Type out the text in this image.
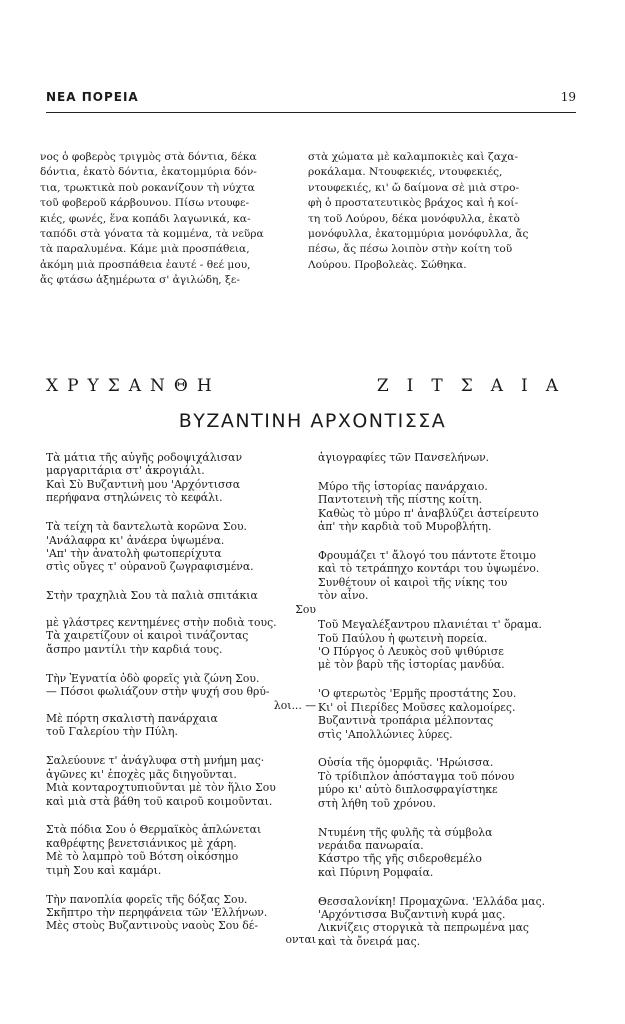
ΝΕΑ ΠΟΡΕΙΑ	19
νος ὁ φοβερὸς τριγμὸς στὰ δόντια, δέκα
δόντια, ἑκατὸ δόντια, ἑκατομμύρια δόν-
τια, τρωκτικὰ ποὺ ροκανίζουν τὴ νύχτα
τοῦ φοβεροῦ κάρβουνου. Πίσω ντουφε-
κιές, φωνές, ἕνα κοπάδι λαγωνικά, κα-
ταπόδι στὰ γόνατα τὰ κομμένα, τὰ νεῦρα
τὰ παραλυμένα. Κάμε μιὰ προσπάθεια,
ἀκόμη μιὰ προσπάθεια ἑαυτέ - θεέ μου,
ἄς φτάσω ἀξημέρωτα σ' ἀγιλώδη, ξε-
στὰ χώματα μὲ καλαμποκιὲς καὶ ζαχα-
ροκάλαμα. Ντουφεκιές, ντουφεκιές,
ντουφεκιές, κι' ὤ δαίμονα σὲ μιὰ στρο-
φὴ ὁ προστατευτικὸς βράχος καὶ ἡ κοί-
τη τοῦ Λούρου, δέκα μονόφυλλα, ἑκατὸ
μονόφυλλα, ἑκατομμύρια μονόφυλλα, ἄς
πέσω, ἄς πέσω λοιπὸν στὴν κοίτη τοῦ
Λούρου. Προβολεὰς. Σώθηκα.
ΧΡΥΣΑΝΘΗ	ΖΙΤΣΑΙΑ
ΒΥΖΑΝΤΙΝΗ ΑΡΧΟΝΤΙΣΣΑ
Τὰ μάτια τῆς αὐγῆς ροδοψιχάλισαν
μαργαριτάρια στ' ἀκρογιάλι.
Καὶ Σὺ Βυζαντινὴ μου 'Αρχόντισσα
περήφανα στηλώνεις τὸ κεφάλι.
Τὰ τείχη τὰ δαντελωτὰ κορῶνα Σου.
'Ανάλαφρα κι' ἀνάερα ὑψωμένα.
'Απ' τὴν ἀνατολὴ φωτοπερίχυτα
στὶς οὔγες τ' οὐρανοῦ ζωγραφισμένα.
Στὴν τραχηλιὰ Σου τὰ παλιὰ σπιτάκια
Σου
μὲ γλάστρες κεντημένες στὴν ποδιὰ τους.
Τὰ χαιρετίζουν οἱ καιροὶ τινάζοντας
ἄσπρο μαντίλι τὴν καρδιά τους.
Τὴν Ἐγνατία ὁδὸ φορεῖς γιὰ ζώνη Σου.
— Πόσοι φωλιάζουν στὴν ψυχή σου θρύ-
λοι... —
Μὲ πόρτη σκαλιστὴ πανάρχαια
τοῦ Γαλερίου τὴν Πύλη.
Σαλεύουνε τ' ἀνάγλυφα στὴ μνήμη μας·
ἀγῶνες κι' ἐποχὲς μᾶς διηγοῦνται.
Μιὰ κονταροχτυπιοῦνται μὲ τὸν ἥλιο Σου
καὶ μιὰ στὰ βάθη τοῦ καιροῦ κοιμοῦνται.
Στὰ πόδια Σου ὁ Θερμαϊκὸς ἁπλώνεται
καθρέφτης βενετσιάνικος μὲ χάρη.
Μὲ τὸ λαμπρὸ τοῦ Βότση οἰκόσημο
τιμὴ Σου καὶ καμάρι.
Τὴν πανοπλία φορεῖς τῆς δόξας Σου.
Σκῆπτρο τὴν περηφάνεια τῶν 'Ελλήνων.
Μὲς στοὺς Βυζαντινοὺς ναοὺς Σου δέ-
ονται
ἁγιογραφίες τῶν Πανσελήνων.
Μύρο τῆς ἱστορίας πανάρχαιο.
Παντοτεινὴ τῆς πίστης κοίτη.
Καθὼς τὸ μύρο π' ἀναβλύζει ἀστείρευτο
ἀπ' τὴν καρδιὰ τοῦ Μυροβλήτη.
Φρουμάζει τ' ἄλογό του πάντοτε ἕτοιμο
καὶ τὸ τετράπηχο κοντάρι του ὑψωμένο.
Συνθέτουν οἱ καιροὶ τῆς νίκης του
τὸν αἶνο.
Τοῦ Μεγαλέξαντρου πλανιέται τ' ὅραμα.
Τοῦ Παύλου ἡ φωτεινὴ πορεία.
'Ο Πύργος ὁ Λευκὸς σοῦ ψιθύρισε
μὲ τὸν βαρὺ τῆς ἱστορίας μανδύα.
'Ο φτερωτὸς 'Ερμῆς προστάτης Σου.
Κι' οἱ Πιερίδες Μοῦσες καλομοίρες.
Βυζαντινὰ τροπάρια μέλποντας
στὶς 'Απολλώνιες λύρες.
Οὐσία τῆς ὁμορφιᾶς. 'Ηρώισσα.
Τὸ τρίδιπλον ἀπόσταγμα τοῦ πόνου
μύρο κι' αὐτὸ διπλοσφραγίστηκε
στὴ λήθη τοῦ χρόνου.
Ντυμένη τῆς φυλῆς τὰ σύμβολα
νεράιδα πανωραία.
Κάστρο τῆς γῆς σιδεροθεμέλο
καὶ Πύρινη Ρομφαία.
Θεσσαλονίκη! Προμαχῶνα. 'Ελλάδα μας.
'Αρχόντισσα Βυζαντινὴ κυρά μας.
Λικνίζεις στοργικὰ τὰ πεπρωμένα μας
καὶ τὰ ὄνειρά μας.
